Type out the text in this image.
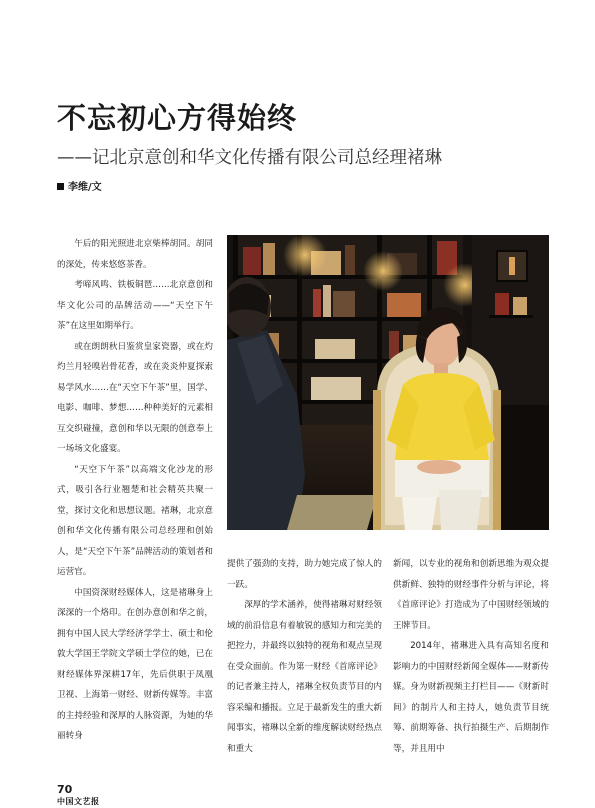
不忘初心方得始终
——记北京意创和华文化传播有限公司总经理褚琳
李维/文

午后的阳光照进北京柴棒胡同。胡同的深处，传来悠悠茶香。

考啼风鸣、铁板铜琶……北京意创和华文化公司的品牌活动——“天空下午茶”在这里如期举行。

或在朗朗秋日鉴赏皇家瓷器，或在灼灼兰月轻嗅岩骨花香，或在炎炎仲夏探索易学风水……在“天空下午茶”里，国学、电影、咖啡、梦想……种种美好的元素相互交织碰撞，意创和华以无限的创意奉上一场场文化盛宴。

“天空下午茶”以高端文化沙龙的形式，吸引各行业翘楚和社会精英共聚一堂，探讨文化和思想议题。褚琳，北京意创和华文化传播有限公司总经理和创始人，是“天空下午茶”品牌活动的策划者和运营官。

中国资深财经媒体人，这是褚琳身上深深的一个烙印。在创办意创和华之前，拥有中国人民大学经济学学士、硕士和伦敦大学国王学院文学硕士学位的她，已在财经媒体界深耕17年，先后供职于凤凰卫视、上海第一财经、财新传媒等。丰富的主持经验和深厚的人脉资源，为她的华丽转身

提供了强劲的支持，助力她完成了惊人的一跃。

深厚的学术涵养，使得褚琳对财经领域的前沿信息有着敏锐的感知力和完美的把控力，并最终以独特的视角和观点呈现在受众面前。作为第一财经《首席评论》的记者兼主持人，褚琳全权负责节目的内容采编和播报。立足于最新发生的重大新闻事实，褚琳以全新的维度解读财经热点和重大

新闻，以专业的视角和创新思维为观众提供新鲜、独特的财经事件分析与评论，将《首席评论》打造成为了中国财经领域的王牌节目。

2014年，褚琳进入具有高知名度和影响力的中国财经新闻全媒体——财新传媒。身为财新视频主打栏目——《财新时间》的制片人和主持人，她负责节目统筹、前期筹备、执行拍摄生产、后期制作等，并且用中

70
中国文艺报
